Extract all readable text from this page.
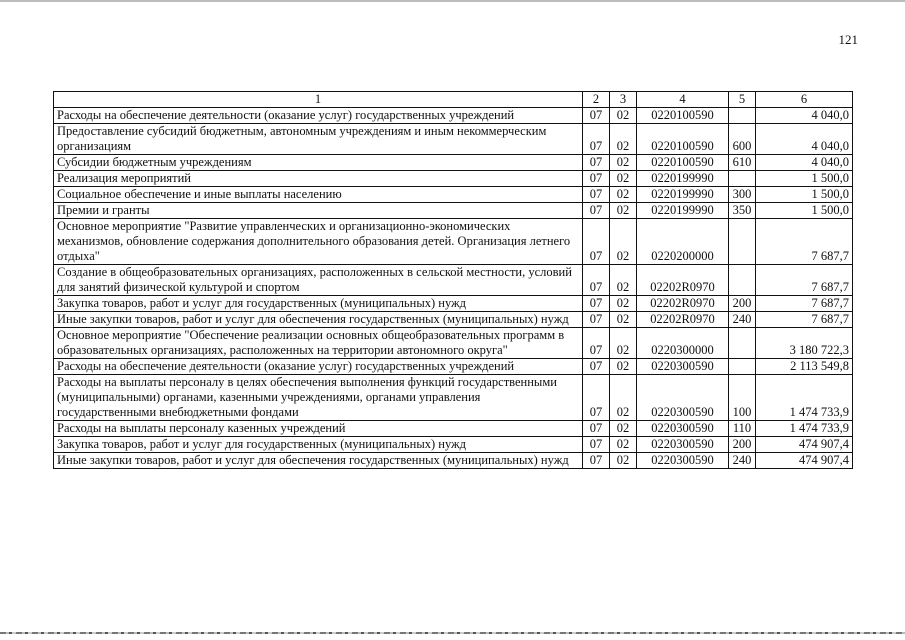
121
1	2	3	4	5	6
Расходы на обеспечение деятельности (оказание услуг) государственных учреждений	07	02	0220100590		4 040,0
Предоставление субсидий бюджетным, автономным учреждениям и иным некоммерческим организациям	07	02	0220100590	600	4 040,0
Субсидии бюджетным учреждениям	07	02	0220100590	610	4 040,0
Реализация мероприятий	07	02	0220199990		1 500,0
Социальное обеспечение и иные выплаты населению	07	02	0220199990	300	1 500,0
Премии и гранты	07	02	0220199990	350	1 500,0
Основное мероприятие "Развитие управленческих и организационно-экономических механизмов, обновление содержания дополнительного образования детей. Организация летнего отдыха"	07	02	0220200000		7 687,7
Создание в общеобразовательных организациях, расположенных в сельской местности, условий для занятий физической культурой и спортом	07	02	02202R0970		7 687,7
Закупка товаров, работ и услуг для государственных (муниципальных) нужд	07	02	02202R0970	200	7 687,7
Иные закупки товаров, работ и услуг для обеспечения государственных (муниципальных) нужд	07	02	02202R0970	240	7 687,7
Основное мероприятие "Обеспечение реализации основных общеобразовательных программ в образовательных организациях, расположенных на территории автономного округа"	07	02	0220300000		3 180 722,3
Расходы на обеспечение деятельности (оказание услуг) государственных учреждений	07	02	0220300590		2 113 549,8
Расходы на выплаты персоналу в целях обеспечения выполнения функций государственными (муниципальными) органами, казенными учреждениями, органами управления государственными внебюджетными фондами	07	02	0220300590	100	1 474 733,9
Расходы на выплаты персоналу казенных учреждений	07	02	0220300590	110	1 474 733,9
Закупка товаров, работ и услуг для государственных (муниципальных) нужд	07	02	0220300590	200	474 907,4
Иные закупки товаров, работ и услуг для обеспечения государственных (муниципальных) нужд	07	02	0220300590	240	474 907,4
